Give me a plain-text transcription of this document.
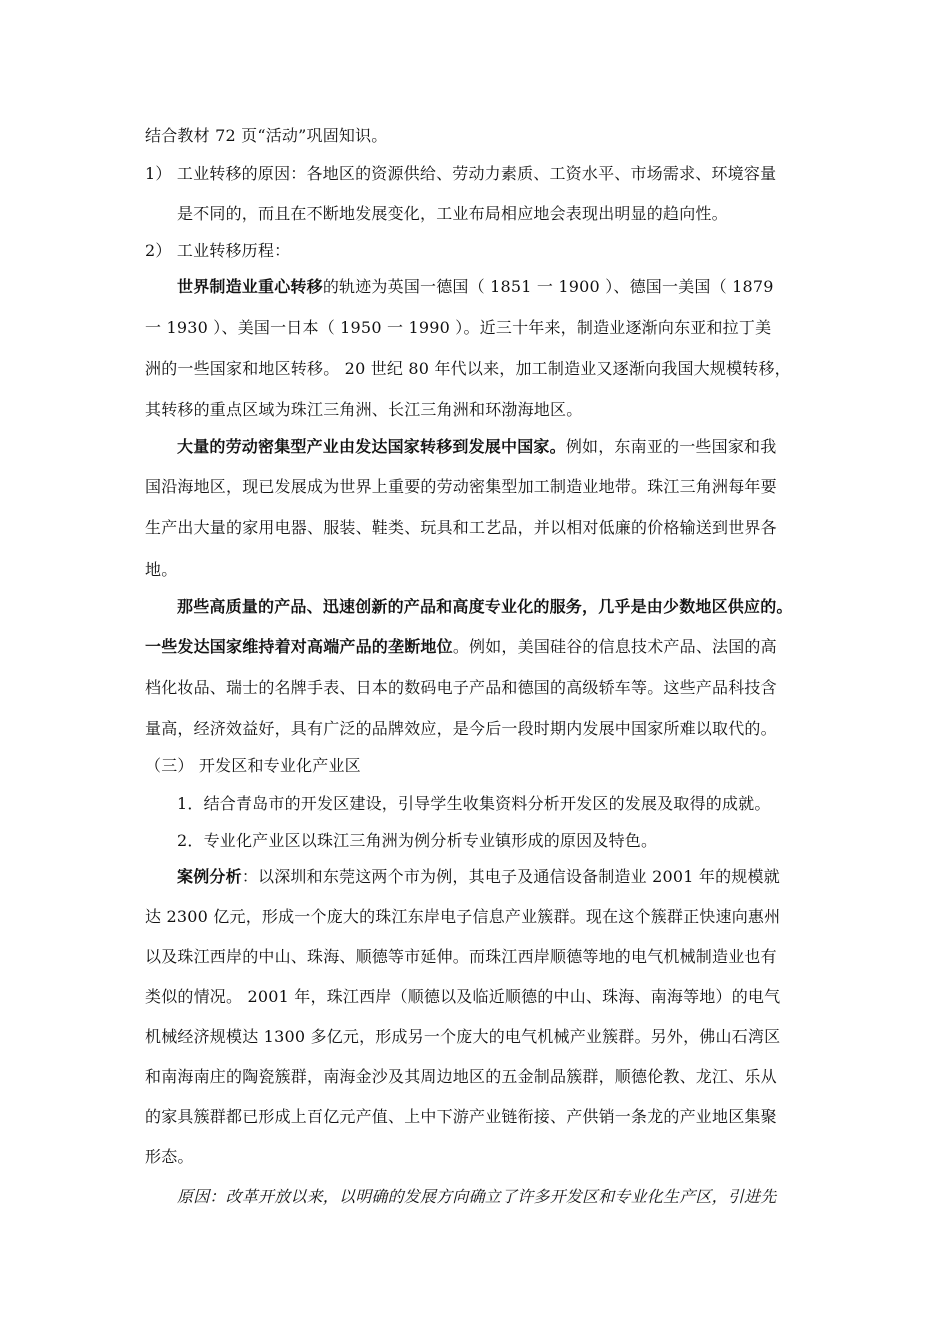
结合教材 72 页“活动”巩固知识。
1） 工业转移的原因：各地区的资源供给、劳动力素质、工资水平、市场需求、环境容量
是不同的，而且在不断地发展变化，工业布局相应地会表现出明显的趋向性。
2） 工业转移历程：
世界制造业重心转移的轨迹为英国一德国（ 1851 一 1900 ）、德国一美国（ 1879
一 1930 ）、美国一日本（ 1950 一 1990 ）。近三十年来，制造业逐渐向东亚和拉丁美
洲的一些国家和地区转移。 20 世纪 80 年代以来，加工制造业又逐渐向我国大规模转移，
其转移的重点区域为珠江三角洲、长江三角洲和环渤海地区。
大量的劳动密集型产业由发达国家转移到发展中国家。例如，东南亚的一些国家和我
国沿海地区，现已发展成为世界上重要的劳动密集型加工制造业地带。珠江三角洲每年要
生产出大量的家用电器、服装、鞋类、玩具和工艺品，并以相对低廉的价格输送到世界各
地。
那些高质量的产品、迅速创新的产品和高度专业化的服务，几乎是由少数地区供应的。
一些发达国家维持着对高端产品的垄断地位。例如，美国硅谷的信息技术产品、法国的高
档化妆品、瑞士的名牌手表、日本的数码电子产品和德国的高级轿车等。这些产品科技含
量高，经济效益好，具有广泛的品牌效应，是今后一段时期内发展中国家所难以取代的。
（三） 开发区和专业化产业区
1．结合青岛市的开发区建设，引导学生收集资料分析开发区的发展及取得的成就。
2．专业化产业区以珠江三角洲为例分析专业镇形成的原因及特色。
案例分析：以深圳和东莞这两个市为例，其电子及通信设备制造业 2001 年的规模就
达 2300 亿元，形成一个庞大的珠江东岸电子信息产业簇群。现在这个簇群正快速向惠州
以及珠江西岸的中山、珠海、顺德等市延伸。而珠江西岸顺德等地的电气机械制造业也有
类似的情况。 2001 年，珠江西岸（顺德以及临近顺德的中山、珠海、南海等地）的电气
机械经济规模达 1300 多亿元，形成另一个庞大的电气机械产业簇群。另外，佛山石湾区
和南海南庄的陶瓷簇群，南海金沙及其周边地区的五金制品簇群，顺德伦教、龙江、乐从
的家具簇群都已形成上百亿元产值、上中下游产业链衔接、产供销一条龙的产业地区集聚
形态。
原因：改革开放以来，以明确的发展方向确立了许多开发区和专业化生产区，引进先
